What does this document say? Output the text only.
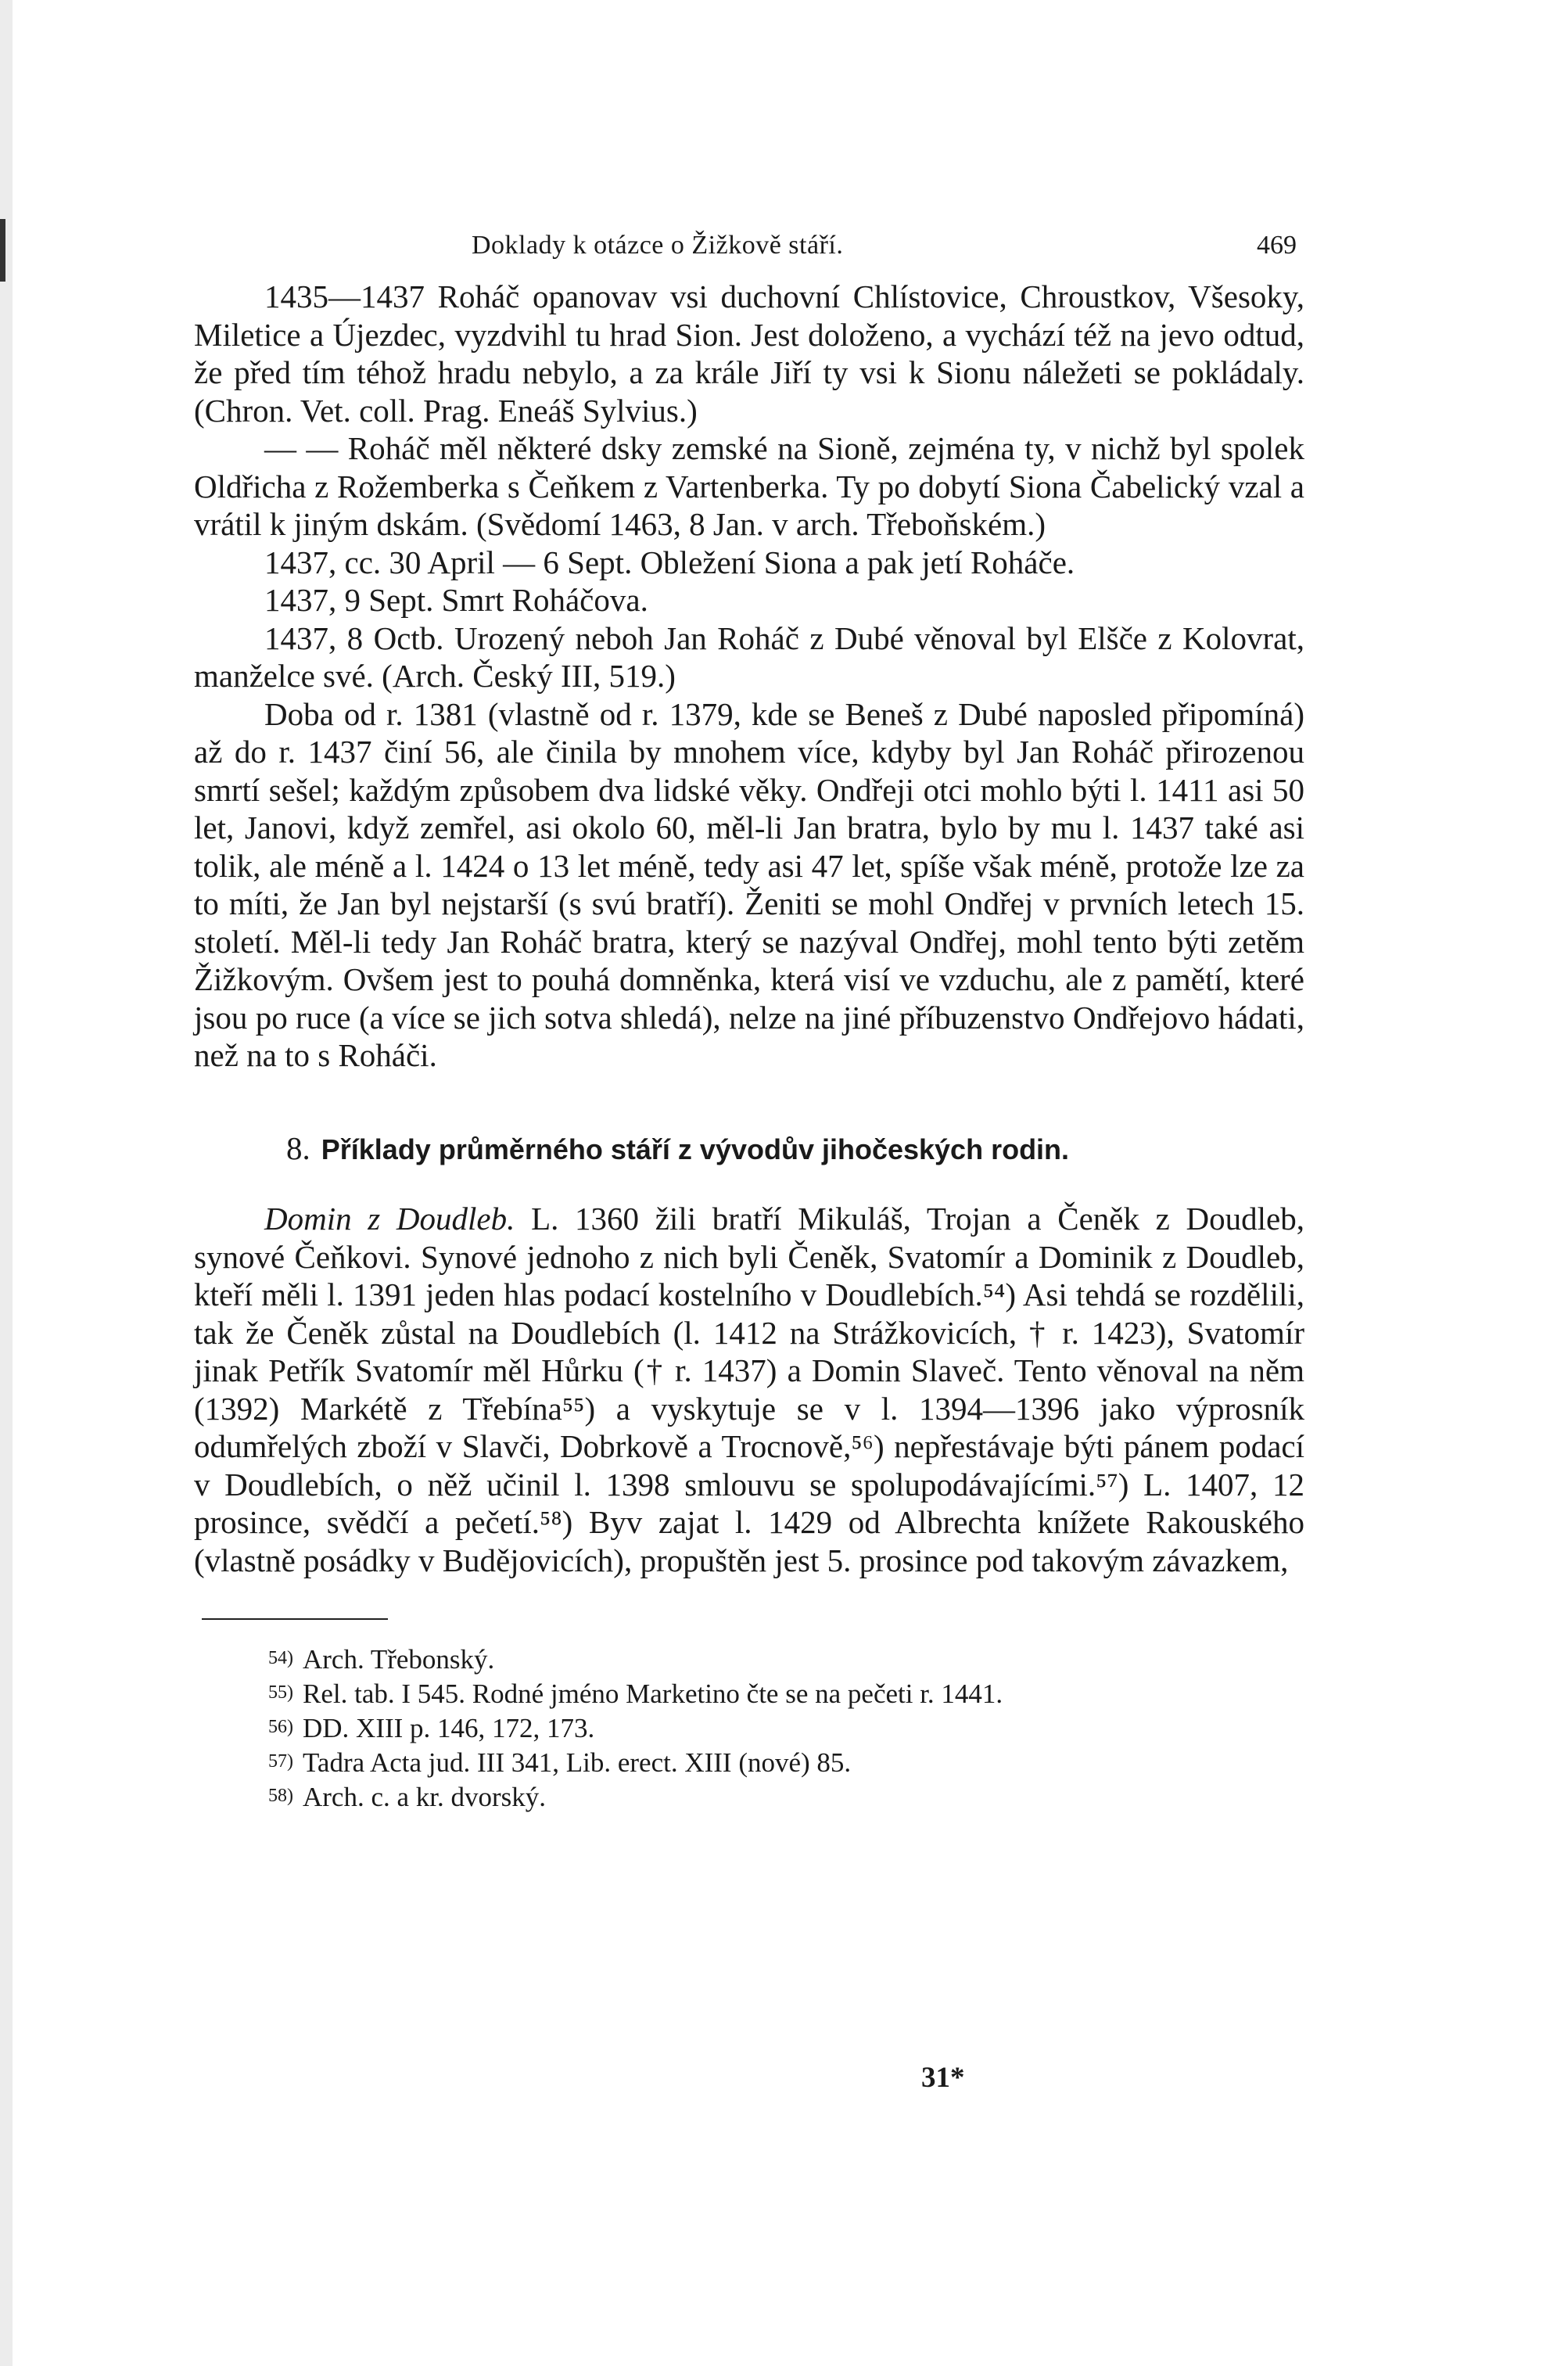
Doklady k otázce o Žižkově stáří.	469

1435—1437 Roháč opanovav vsi duchovní Chlístovice, Chroustkov, Všesoky, Miletice a Újezdec, vyzdvihl tu hrad Sion. Jest doloženo, a vychází též na jevo odtud, že před tím téhož hradu nebylo, a za krále Jiří ty vsi k Sionu náležeti se pokládaly. (Chron. Vet. coll. Prag. Eneáš Sylvius.)

— — Roháč měl některé dsky zemské na Sioně, zejména ty, v nichž byl spolek Oldřicha z Rožemberka s Čeňkem z Vartenberka. Ty po dobytí Siona Čabelický vzal a vrátil k jiným dskám. (Svědomí 1463, 8 Jan. v arch. Třeboňském.)

1437, cc. 30 April — 6 Sept. Obležení Siona a pak jetí Roháče.

1437, 9 Sept. Smrt Roháčova.

1437, 8 Octb. Urozený neboh Jan Roháč z Dubé věnoval byl Elšče z Kolovrat, manželce své. (Arch. Český III, 519.)

Doba od r. 1381 (vlastně od r. 1379, kde se Beneš z Dubé naposled připomíná) až do r. 1437 činí 56, ale činila by mnohem více, kdyby byl Jan Roháč přirozenou smrtí sešel; každým způsobem dva lidské věky. Ondřeji otci mohlo býti l. 1411 asi 50 let, Janovi, když zemřel, asi okolo 60, měl-li Jan bratra, bylo by mu l. 1437 také asi tolik, ale méně a l. 1424 o 13 let méně, tedy asi 47 let, spíše však méně, protože lze za to míti, že Jan byl nejstarší (s svú bratří). Ženiti se mohl Ondřej v prvních letech 15. století. Měl-li tedy Jan Roháč bratra, který se nazýval Ondřej, mohl tento býti zetěm Žižkovým. Ovšem jest to pouhá domněnka, která visí ve vzduchu, ale z pamětí, které jsou po ruce (a více se jich sotva shledá), nelze na jiné příbuzenstvo Ondřejovo hádati, než na to s Roháči.

8. Příklady průměrného stáří z vývodův jihočeských rodin.

Domin z Doudleb. L. 1360 žili bratří Mikuláš, Trojan a Čeněk z Doudleb, synové Čeňkovi. Synové jednoho z nich byli Čeněk, Svatomír a Dominik z Doudleb, kteří měli l. 1391 jeden hlas podací kostelního v Doudlebích.⁵⁴) Asi tehdá se rozdělili, tak že Čeněk zůstal na Doudlebích (l. 1412 na Strážkovicích, † r. 1423), Svatomír jinak Petřík Svatomír měl Hůrku († r. 1437) a Domin Slaveč. Tento věnoval na něm (1392) Markétě z Třebína⁵⁵) a vyskytuje se v l. 1394—1396 jako výprosník odumřelých zboží v Slavči, Dobrkově a Trocnově,⁵⁶) nepřestávaje býti pánem podací v Doudlebích, o něž učinil l. 1398 smlouvu se spolupodávajícími.⁵⁷) L. 1407, 12 prosince, svědčí a pečetí.⁵⁸) Byv zajat l. 1429 od Albrechta knížete Rakouského (vlastně posádky v Budějovicích), propuštěn jest 5. prosince pod takovým závazkem,

54) Arch. Třebonský.
55) Rel. tab. I 545. Rodné jméno Marketino čte se na pečeti r. 1441.
56) DD. XIII p. 146, 172, 173.
57) Tadra Acta jud. III 341, Lib. erect. XIII (nové) 85.
58) Arch. c. a kr. dvorský.
31*
